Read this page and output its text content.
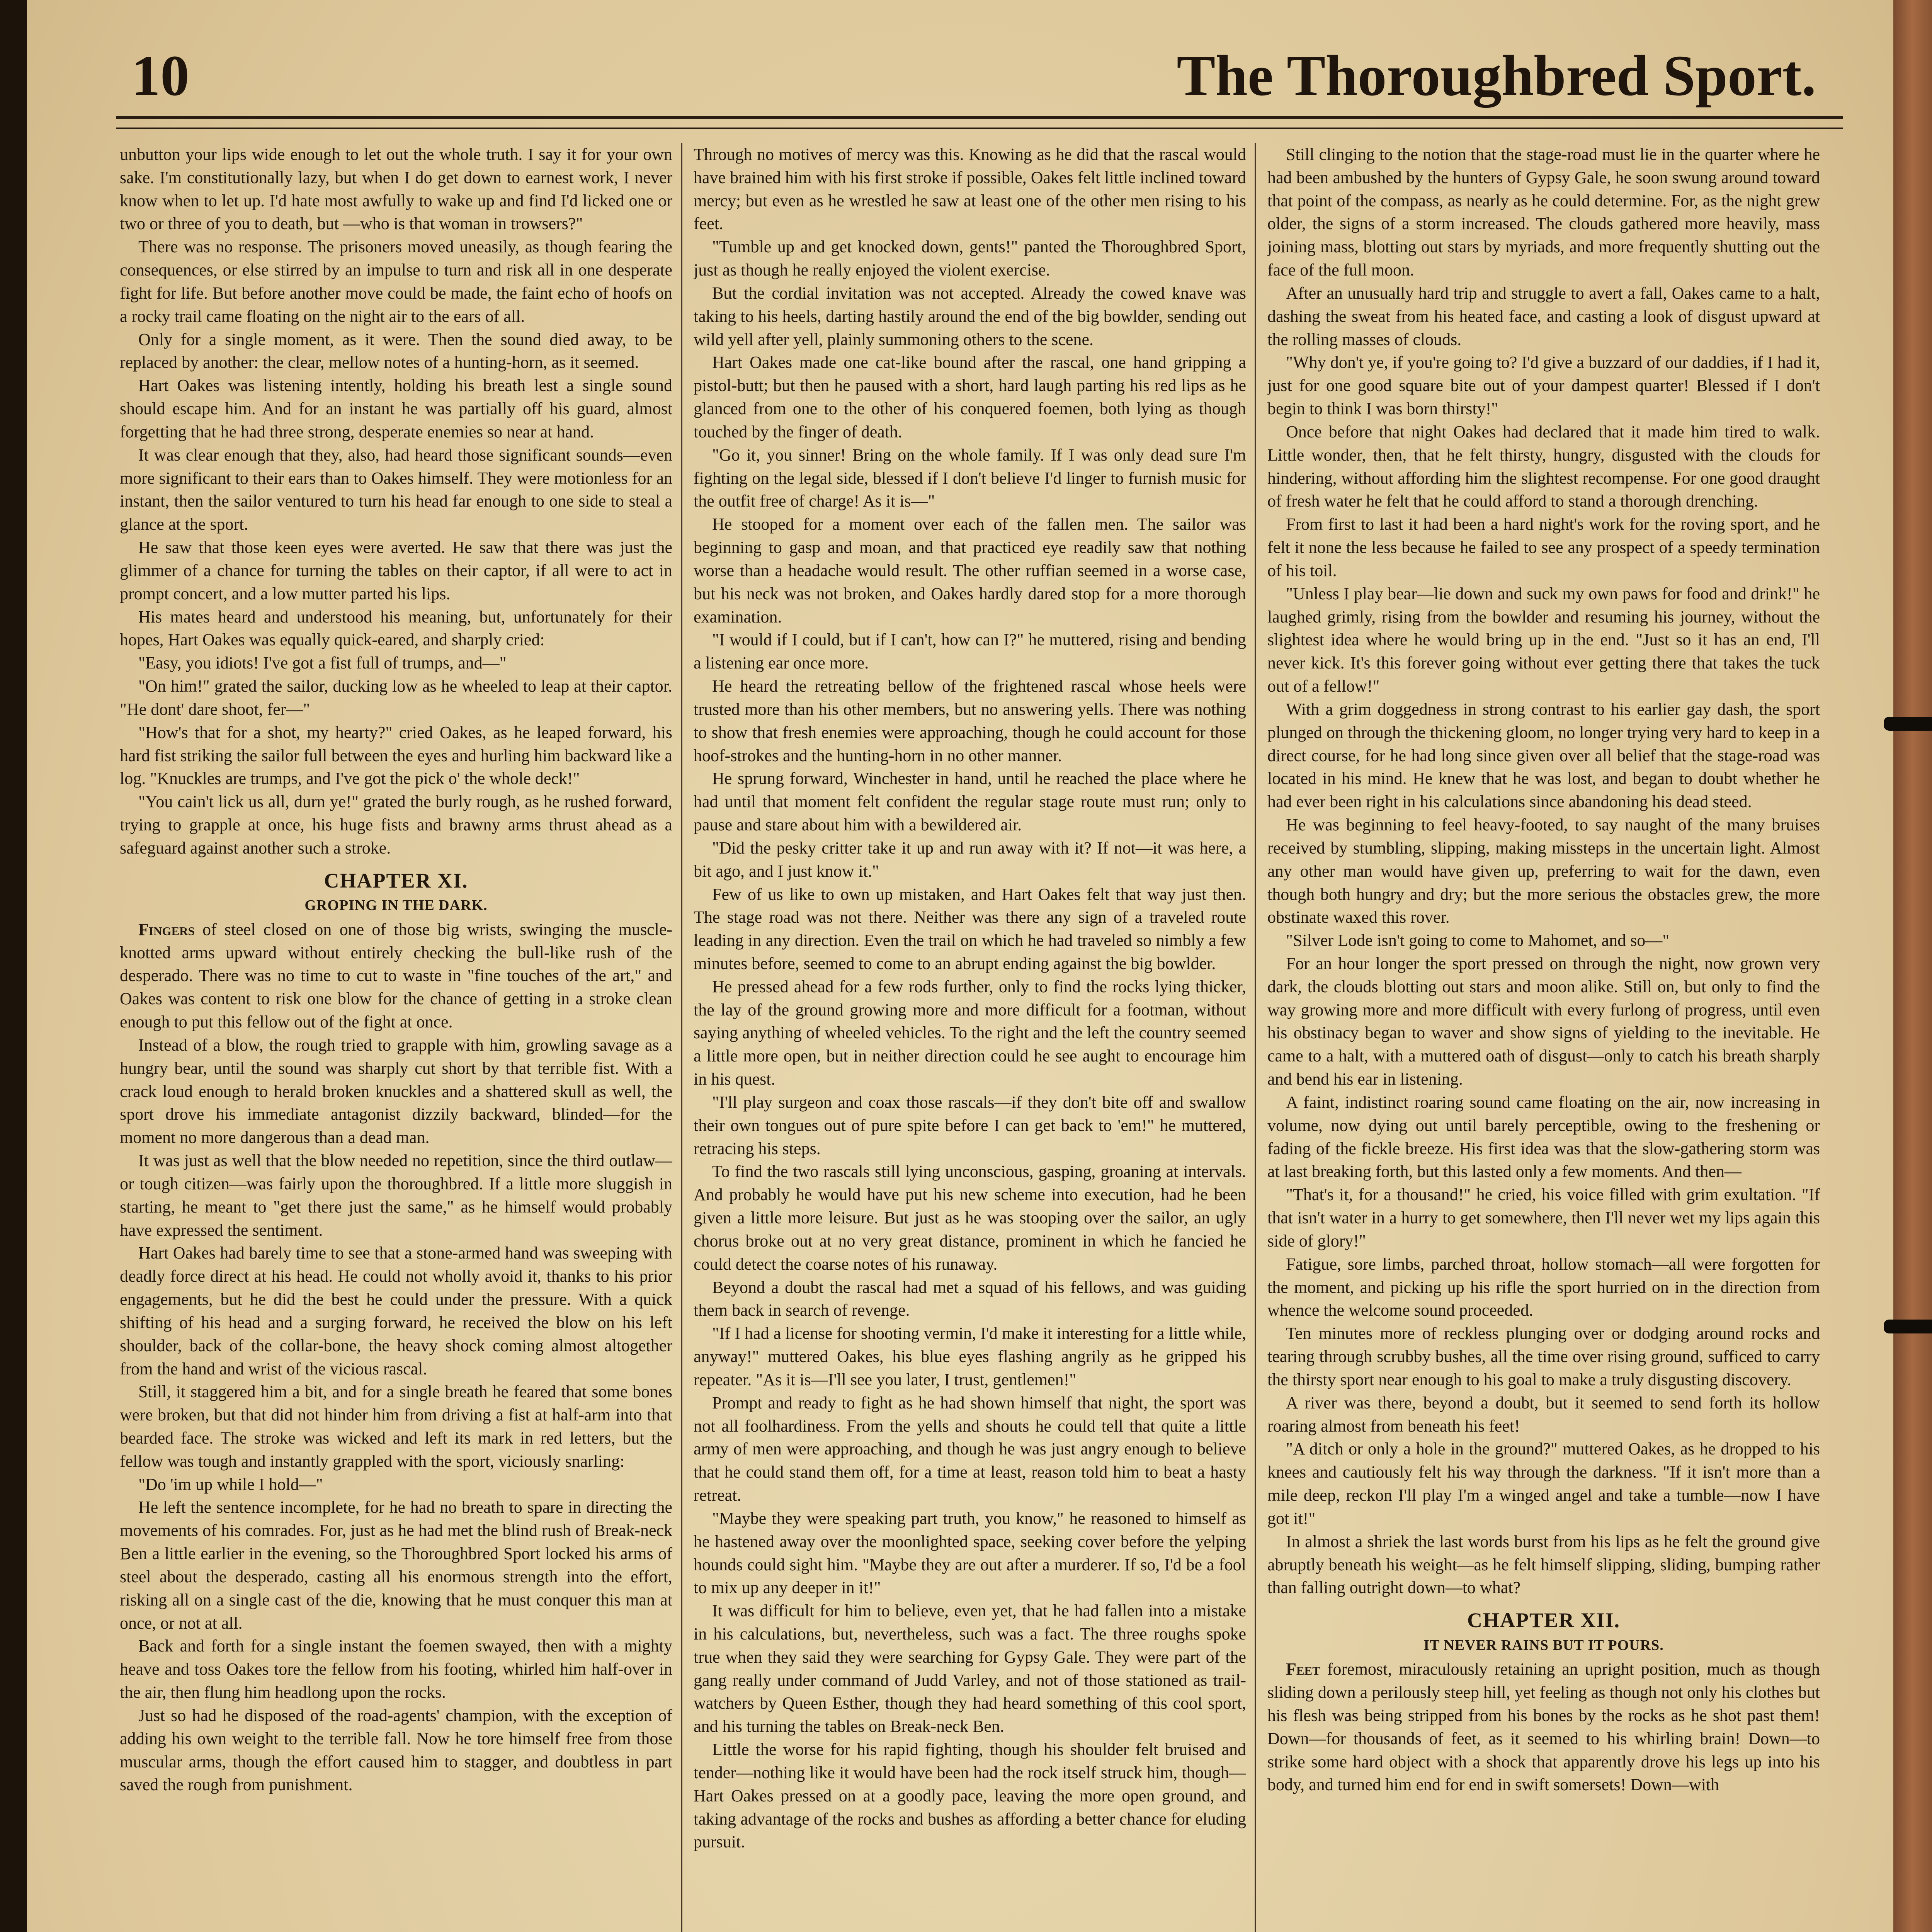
10	The Thoroughbred Sport.

unbutton your lips wide enough to let out the whole truth. I say it for your own sake. I'm constitutionally lazy, but when I do get down to earnest work, I never know when to let up. I'd hate most awfully to wake up and find I'd licked one or two or three of you to death, but —who is that woman in trowsers?"

There was no response. The prisoners moved uneasily, as though fearing the consequences, or else stirred by an impulse to turn and risk all in one desperate fight for life. But before another move could be made, the faint echo of hoofs on a rocky trail came floating on the night air to the ears of all.

Only for a single moment, as it were. Then the sound died away, to be replaced by another: the clear, mellow notes of a hunting-horn, as it seemed.

Hart Oakes was listening intently, holding his breath lest a single sound should escape him. And for an instant he was partially off his guard, almost forgetting that he had three strong, desperate enemies so near at hand.

It was clear enough that they, also, had heard those significant sounds—even more significant to their ears than to Oakes himself. They were motionless for an instant, then the sailor ventured to turn his head far enough to one side to steal a glance at the sport.

He saw that those keen eyes were averted. He saw that there was just the glimmer of a chance for turning the tables on their captor, if all were to act in prompt concert, and a low mutter parted his lips.

His mates heard and understood his meaning, but, unfortunately for their hopes, Hart Oakes was equally quick-eared, and sharply cried:

"Easy, you idiots! I've got a fist full of trumps, and—"

"On him!" grated the sailor, ducking low as he wheeled to leap at their captor. "He dont' dare shoot, fer—"

"How's that for a shot, my hearty?" cried Oakes, as he leaped forward, his hard fist striking the sailor full between the eyes and hurling him backward like a log. "Knuckles are trumps, and I've got the pick o' the whole deck!"

"You cain't lick us all, durn ye!" grated the burly rough, as he rushed forward, trying to grapple at once, his huge fists and brawny arms thrust ahead as a safeguard against another such a stroke.

CHAPTER XI.
GROPING IN THE DARK.

Fingers of steel closed on one of those big wrists, swinging the muscle-knotted arms upward without entirely checking the bull-like rush of the desperado. There was no time to cut to waste in "fine touches of the art," and Oakes was content to risk one blow for the chance of getting in a stroke clean enough to put this fellow out of the fight at once.

Instead of a blow, the rough tried to grapple with him, growling savage as a hungry bear, until the sound was sharply cut short by that terrible fist. With a crack loud enough to herald broken knuckles and a shattered skull as well, the sport drove his immediate antagonist dizzily backward, blinded—for the moment no more dangerous than a dead man.

It was just as well that the blow needed no repetition, since the third outlaw—or tough citizen—was fairly upon the thoroughbred. If a little more sluggish in starting, he meant to "get there just the same," as he himself would probably have expressed the sentiment.

Hart Oakes had barely time to see that a stone-armed hand was sweeping with deadly force direct at his head. He could not wholly avoid it, thanks to his prior engagements, but he did the best he could under the pressure. With a quick shifting of his head and a surging forward, he received the blow on his left shoulder, back of the collar-bone, the heavy shock coming almost altogether from the hand and wrist of the vicious rascal.

Still, it staggered him a bit, and for a single breath he feared that some bones were broken, but that did not hinder him from driving a fist at half-arm into that bearded face. The stroke was wicked and left its mark in red letters, but the fellow was tough and instantly grappled with the sport, viciously snarling:

"Do 'im up while I hold—"

He left the sentence incomplete, for he had no breath to spare in directing the movements of his comrades. For, just as he had met the blind rush of Break-neck Ben a little earlier in the evening, so the Thoroughbred Sport locked his arms of steel about the desperado, casting all his enormous strength into the effort, risking all on a single cast of the die, knowing that he must conquer this man at once, or not at all.

Back and forth for a single instant the foemen swayed, then with a mighty heave and toss Oakes tore the fellow from his footing, whirled him half-over in the air, then flung him headlong upon the rocks.

Just so had he disposed of the road-agents' champion, with the exception of adding his own weight to the terrible fall. Now he tore himself free from those muscular arms, though the effort caused him to stagger, and doubtless in part saved the rough from punishment.

Through no motives of mercy was this. Knowing as he did that the rascal would have brained him with his first stroke if possible, Oakes felt little inclined toward mercy; but even as he wrestled he saw at least one of the other men rising to his feet.

"Tumble up and get knocked down, gents!" panted the Thoroughbred Sport, just as though he really enjoyed the violent exercise.

But the cordial invitation was not accepted. Already the cowed knave was taking to his heels, darting hastily around the end of the big bowlder, sending out wild yell after yell, plainly summoning others to the scene.

Hart Oakes made one cat-like bound after the rascal, one hand gripping a pistol-butt; but then he paused with a short, hard laugh parting his red lips as he glanced from one to the other of his conquered foemen, both lying as though touched by the finger of death.

"Go it, you sinner! Bring on the whole family. If I was only dead sure I'm fighting on the legal side, blessed if I don't believe I'd linger to furnish music for the outfit free of charge! As it is—"

He stooped for a moment over each of the fallen men. The sailor was beginning to gasp and moan, and that practiced eye readily saw that nothing worse than a headache would result. The other ruffian seemed in a worse case, but his neck was not broken, and Oakes hardly dared stop for a more thorough examination.

"I would if I could, but if I can't, how can I?" he muttered, rising and bending a listening ear once more.

He heard the retreating bellow of the frightened rascal whose heels were trusted more than his other members, but no answering yells. There was nothing to show that fresh enemies were approaching, though he could account for those hoof-strokes and the hunting-horn in no other manner.

He sprung forward, Winchester in hand, until he reached the place where he had until that moment felt confident the regular stage route must run; only to pause and stare about him with a bewildered air.

"Did the pesky critter take it up and run away with it? If not—it was here, a bit ago, and I just know it."

Few of us like to own up mistaken, and Hart Oakes felt that way just then. The stage road was not there. Neither was there any sign of a traveled route leading in any direction. Even the trail on which he had traveled so nimbly a few minutes before, seemed to come to an abrupt ending against the big bowlder.

He pressed ahead for a few rods further, only to find the rocks lying thicker, the lay of the ground growing more and more difficult for a footman, without saying anything of wheeled vehicles. To the right and the left the country seemed a little more open, but in neither direction could he see aught to encourage him in his quest.

"I'll play surgeon and coax those rascals—if they don't bite off and swallow their own tongues out of pure spite before I can get back to 'em!" he muttered, retracing his steps.

To find the two rascals still lying unconscious, gasping, groaning at intervals. And probably he would have put his new scheme into execution, had he been given a little more leisure. But just as he was stooping over the sailor, an ugly chorus broke out at no very great distance, prominent in which he fancied he could detect the coarse notes of his runaway.

Beyond a doubt the rascal had met a squad of his fellows, and was guiding them back in search of revenge.

"If I had a license for shooting vermin, I'd make it interesting for a little while, anyway!" muttered Oakes, his blue eyes flashing angrily as he gripped his repeater. "As it is—I'll see you later, I trust, gentlemen!"

Prompt and ready to fight as he had shown himself that night, the sport was not all foolhardiness. From the yells and shouts he could tell that quite a little army of men were approaching, and though he was just angry enough to believe that he could stand them off, for a time at least, reason told him to beat a hasty retreat.

"Maybe they were speaking part truth, you know," he reasoned to himself as he hastened away over the moonlighted space, seeking cover before the yelping hounds could sight him. "Maybe they are out after a murderer. If so, I'd be a fool to mix up any deeper in it!"

It was difficult for him to believe, even yet, that he had fallen into a mistake in his calculations, but, nevertheless, such was a fact. The three roughs spoke true when they said they were searching for Gypsy Gale. They were part of the gang really under command of Judd Varley, and not of those stationed as trail-watchers by Queen Esther, though they had heard something of this cool sport, and his turning the tables on Break-neck Ben.

Little the worse for his rapid fighting, though his shoulder felt bruised and tender—nothing like it would have been had the rock itself struck him, though—Hart Oakes pressed on at a goodly pace, leaving the more open ground, and taking advantage of the rocks and bushes as affording a better chance for eluding pursuit.

Still clinging to the notion that the stage-road must lie in the quarter where he had been ambushed by the hunters of Gypsy Gale, he soon swung around toward that point of the compass, as nearly as he could determine. For, as the night grew older, the signs of a storm increased. The clouds gathered more heavily, mass joining mass, blotting out stars by myriads, and more frequently shutting out the face of the full moon.

After an unusually hard trip and struggle to avert a fall, Oakes came to a halt, dashing the sweat from his heated face, and casting a look of disgust upward at the rolling masses of clouds.

"Why don't ye, if you're going to? I'd give a buzzard of our daddies, if I had it, just for one good square bite out of your dampest quarter! Blessed if I don't begin to think I was born thirsty!"

Once before that night Oakes had declared that it made him tired to walk. Little wonder, then, that he felt thirsty, hungry, disgusted with the clouds for hindering, without affording him the slightest recompense. For one good draught of fresh water he felt that he could afford to stand a thorough drenching.

From first to last it had been a hard night's work for the roving sport, and he felt it none the less because he failed to see any prospect of a speedy termination of his toil.

"Unless I play bear—lie down and suck my own paws for food and drink!" he laughed grimly, rising from the bowlder and resuming his journey, without the slightest idea where he would bring up in the end. "Just so it has an end, I'll never kick. It's this forever going without ever getting there that takes the tuck out of a fellow!"

With a grim doggedness in strong contrast to his earlier gay dash, the sport plunged on through the thickening gloom, no longer trying very hard to keep in a direct course, for he had long since given over all belief that the stage-road was located in his mind. He knew that he was lost, and began to doubt whether he had ever been right in his calculations since abandoning his dead steed.

He was beginning to feel heavy-footed, to say naught of the many bruises received by stumbling, slipping, making missteps in the uncertain light. Almost any other man would have given up, preferring to wait for the dawn, even though both hungry and dry; but the more serious the obstacles grew, the more obstinate waxed this rover.

"Silver Lode isn't going to come to Mahomet, and so—"

For an hour longer the sport pressed on through the night, now grown very dark, the clouds blotting out stars and moon alike. Still on, but only to find the way growing more and more difficult with every furlong of progress, until even his obstinacy began to waver and show signs of yielding to the inevitable. He came to a halt, with a muttered oath of disgust—only to catch his breath sharply and bend his ear in listening.

A faint, indistinct roaring sound came floating on the air, now increasing in volume, now dying out until barely perceptible, owing to the freshening or fading of the fickle breeze. His first idea was that the slow-gathering storm was at last breaking forth, but this lasted only a few moments. And then—

"That's it, for a thousand!" he cried, his voice filled with grim exultation. "If that isn't water in a hurry to get somewhere, then I'll never wet my lips again this side of glory!"

Fatigue, sore limbs, parched throat, hollow stomach—all were forgotten for the moment, and picking up his rifle the sport hurried on in the direction from whence the welcome sound proceeded.

Ten minutes more of reckless plunging over or dodging around rocks and tearing through scrubby bushes, all the time over rising ground, sufficed to carry the thirsty sport near enough to his goal to make a truly disgusting discovery.

A river was there, beyond a doubt, but it seemed to send forth its hollow roaring almost from beneath his feet!

"A ditch or only a hole in the ground?" muttered Oakes, as he dropped to his knees and cautiously felt his way through the darkness. "If it isn't more than a mile deep, reckon I'll play I'm a winged angel and take a tumble—now I have got it!"

In almost a shriek the last words burst from his lips as he felt the ground give abruptly beneath his weight—as he felt himself slipping, sliding, bumping rather than falling outright down—to what?

CHAPTER XII.
IT NEVER RAINS BUT IT POURS.

Feet foremost, miraculously retaining an upright position, much as though sliding down a perilously steep hill, yet feeling as though not only his clothes but his flesh was being stripped from his bones by the rocks as he shot past them! Down—for thousands of feet, as it seemed to his whirling brain! Down—to strike some hard object with a shock that apparently drove his legs up into his body, and turned him end for end in swift somersets! Down—with
